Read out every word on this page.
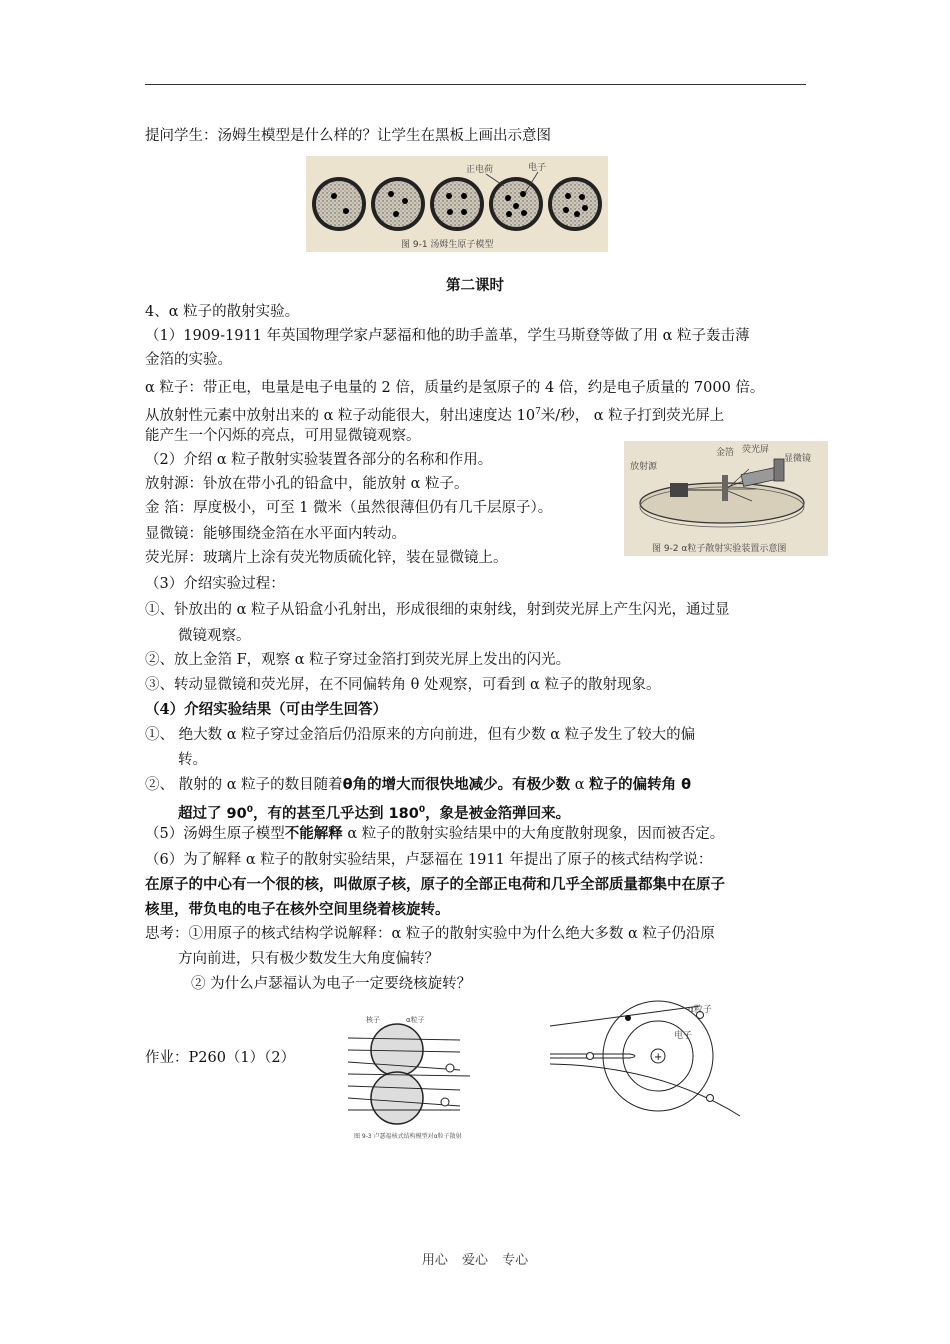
提问学生：汤姆生模型是什么样的？让学生在黑板上画出示意图
正电荷	电子
图 9-1 汤姆生原子模型
第二课时
4、α 粒子的散射实验。
（1）1909-1911 年英国物理学家卢瑟福和他的助手盖革，学生马斯登等做了用 α 粒子轰击薄
金箔的实验。
α 粒子：带正电，电量是电子电量的 2 倍，质量约是氢原子的 4 倍，约是电子质量的 7000 倍。
从放射性元素中放射出来的 α 粒子动能很大，射出速度达 $10^7$米/秒， α 粒子打到荧光屏上
能产生一个闪烁的亮点，可用显微镜观察。
（2）介绍 α 粒子散射实验装置各部分的名称和作用。
放射源：钋放在带小孔的铅盒中，能放射 α 粒子。
金 箔：厚度极小，可至 1 微米（虽然很薄但仍有几千层原子）。
显微镜：能够围绕金箔在水平面内转动。
荧光屏：玻璃片上涂有荧光物质硫化锌，装在显微镜上。
放射源
金箔 荧光屏
显微镜
图 9-2 α粒子散射实验装置示意图
（3）介绍实验过程：
①、钋放出的 α 粒子从铅盒小孔射出，形成很细的束射线，射到荧光屏上产生闪光，通过显
微镜观察。
②、放上金箔 F，观察 α 粒子穿过金箔打到荧光屏上发出的闪光。
③、转动显微镜和荧光屏，在不同偏转角 θ 处观察，可看到 α 粒子的散射现象。
（4）介绍实验结果（可由学生回答）
①、 绝大数 α 粒子穿过金箔后仍沿原来的方向前进，但有少数 α 粒子发生了较大的偏
转。
②、 散射的 α 粒子的数目随着θ角的增大而很快地减少。有极少数 α 粒子的偏转角 θ
超过了 $90^0$，有的甚至几乎达到 $180^0$，象是被金箔弹回来。
（5）汤姆生原子模型不能解释 α 粒子的散射实验结果中的大角度散射现象，因而被否定。
（6）为了解释 α 粒子的散射实验结果，卢瑟福在 1911 年提出了原子的核式结构学说：
在原子的中心有一个很的核，叫做原子核，原子的全部正电荷和几乎全部质量都集中在原子
核里，带负电的电子在核外空间里绕着核旋转。
思考：①用原子的核式结构学说解释：α 粒子的散射实验中为什么绝大多数 α 粒子仍沿原
方向前进，只有极少数发生大角度偏转？
② 为什么卢瑟福认为电子一定要绕核旋转？
作业：P260（1）（2）
核子	α粒子
图 9-3 卢瑟福核式结构模型对α粒子散射
+
α粒子
电子
用心 爱心 专心
